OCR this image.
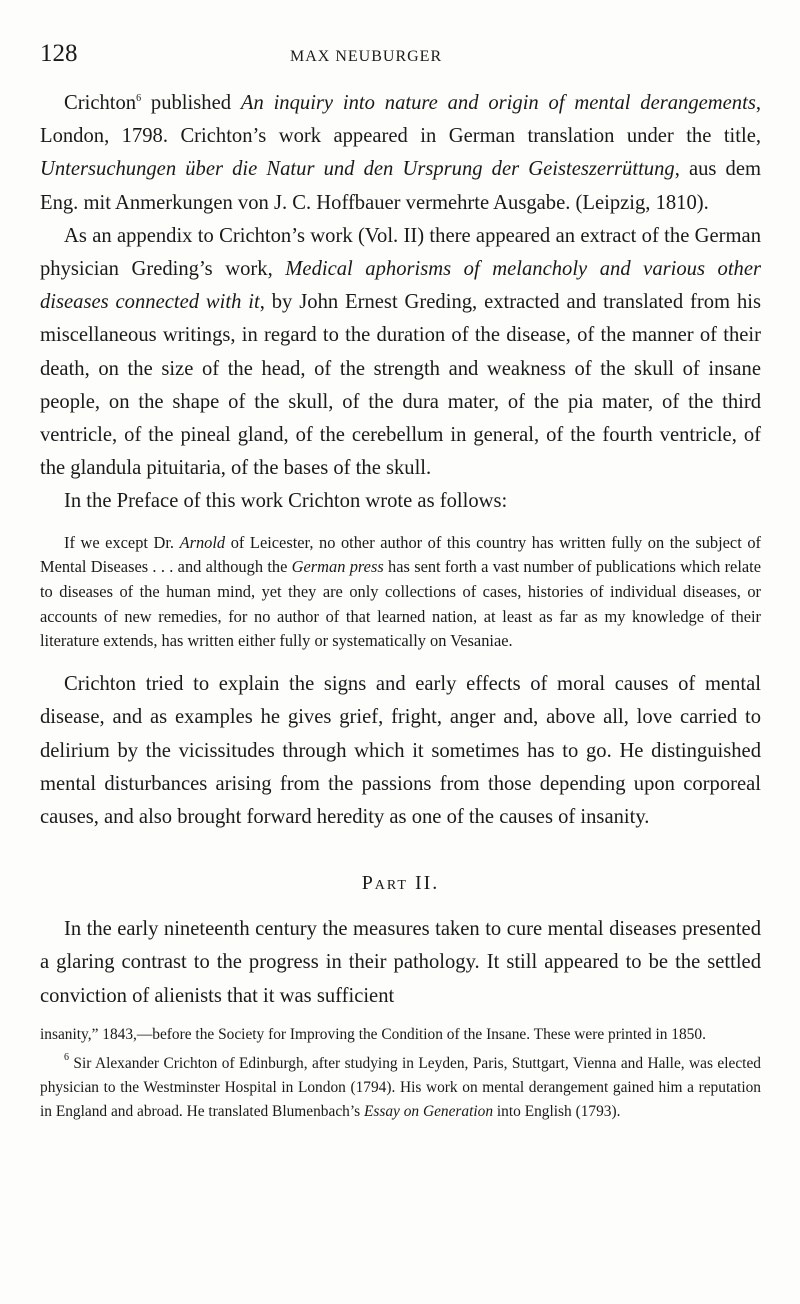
128	MAX NEUBURGER

Crichton$^6$ published An inquiry into nature and origin of mental derangements, London, 1798. Crichton’s work appeared in German translation under the title, Untersuchungen über die Natur und den Ursprung der Geisteszerrüttung, aus dem Eng. mit Anmerkungen von J. C. Hoffbauer vermehrte Ausgabe. (Leipzig, 1810).

As an appendix to Crichton’s work (Vol. II) there appeared an extract of the German physician Greding’s work, Medical aphorisms of melancholy and various other diseases connected with it, by John Ernest Greding, extracted and translated from his miscellaneous writings, in regard to the duration of the disease, of the manner of their death, on the size of the head, of the strength and weakness of the skull of insane people, on the shape of the skull, of the dura mater, of the pia mater, of the third ventricle, of the pineal gland, of the cerebellum in general, of the fourth ventricle, of the glandula pituitaria, of the bases of the skull.

In the Preface of this work Crichton wrote as follows:

If we except Dr. Arnold of Leicester, no other author of this country has written fully on the subject of Mental Diseases . . . and although the German press has sent forth a vast number of publications which relate to diseases of the human mind, yet they are only collections of cases, histories of individual diseases, or accounts of new remedies, for no author of that learned nation, at least as far as my knowledge of their literature extends, has written either fully or systematically on Vesaniae.

Crichton tried to explain the signs and early effects of moral causes of mental disease, and as examples he gives grief, fright, anger and, above all, love carried to delirium by the vicissitudes through which it sometimes has to go. He distinguished mental disturbances arising from the passions from those depending upon corporeal causes, and also brought forward heredity as one of the causes of insanity.

Part II.

In the early nineteenth century the measures taken to cure mental diseases presented a glaring contrast to the progress in their pathology. It still appeared to be the settled conviction of alienists that it was sufficient

insanity,” 1843,—before the Society for Improving the Condition of the Insane. These were printed in 1850.

$^6$ Sir Alexander Crichton of Edinburgh, after studying in Leyden, Paris, Stuttgart, Vienna and Halle, was elected physician to the Westminster Hospital in London (1794). His work on mental derangement gained him a reputation in England and abroad. He translated Blumenbach’s Essay on Generation into English (1793).
